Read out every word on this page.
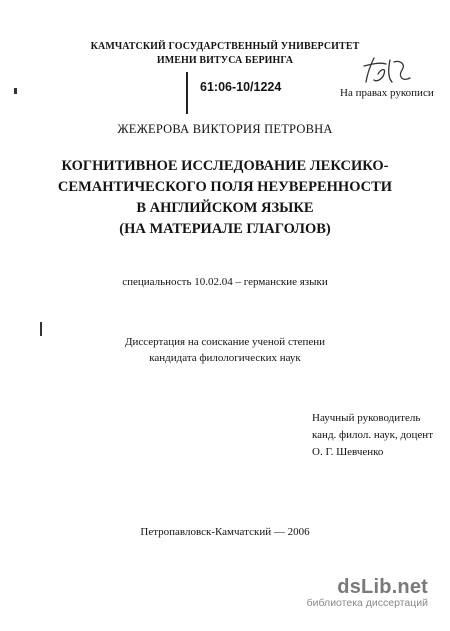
КАМЧАТСКИЙ ГОСУДАРСТВЕННЫЙ УНИВЕРСИТЕТ
ИМЕНИ ВИТУСА БЕРИНГА
61:06-10/1224	На правах рукописи
ЖЕЖЕРОВА ВИКТОРИЯ ПЕТРОВНА
КОГНИТИВНОЕ ИССЛЕДОВАНИЕ ЛЕКСИКО-
СЕМАНТИЧЕСКОГО ПОЛЯ НЕУВЕРЕННОСТИ
В АНГЛИЙСКОМ ЯЗЫКЕ
(НА МАТЕРИАЛЕ ГЛАГОЛОВ)
специальность 10.02.04 – германские языки
Диссертация на соискание ученой степени
кандидата филологических наук
Научный руководитель
канд. филол. наук, доцент
О. Г. Шевченко
Петропавловск-Камчатский — 2006
dsLib.net
библиотека диссертаций
